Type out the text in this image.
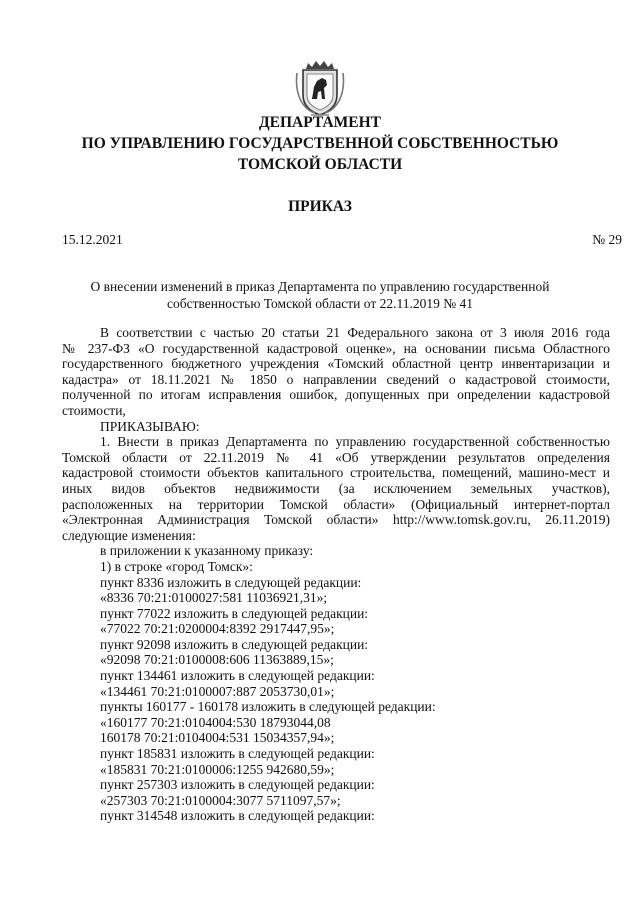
ДЕПАРТАМЕНТ
ПО УПРАВЛЕНИЮ ГОСУДАРСТВЕННОЙ СОБСТВЕННОСТЬЮ
ТОМСКОЙ ОБЛАСТИ
ПРИКАЗ
15.12.2021	№ 29
О внесении изменений в приказ Департамента по управлению государственной
собственностью Томской области от 22.11.2019 № 41
В соответствии с частью 20 статьи 21 Федерального закона от 3 июля 2016 года
№ 237-ФЗ «О государственной кадастровой оценке», на основании письма Областного
государственного бюджетного учреждения «Томский областной центр инвентаризации и
кадастра» от 18.11.2021 № 1850 о направлении сведений о кадастровой стоимости,
полученной по итогам исправления ошибок, допущенных при определении кадастровой
стоимости,
ПРИКАЗЫВАЮ:
1. Внести в приказ Департамента по управлению государственной собственностью
Томской области от 22.11.2019 № 41 «Об утверждении результатов определения
кадастровой стоимости объектов капитального строительства, помещений, машино-мест и
иных видов объектов недвижимости (за исключением земельных участков),
расположенных на территории Томской области» (Официальный интернет-портал
«Электронная Администрация Томской области» http://www.tomsk.gov.ru, 26.11.2019)
следующие изменения:
в приложении к указанному приказу:
1) в строке «город Томск»:
пункт 8336 изложить в следующей редакции:
«8336 70:21:0100027:581 11036921,31»;
пункт 77022 изложить в следующей редакции:
«77022 70:21:0200004:8392 2917447,95»;
пункт 92098 изложить в следующей редакции:
«92098 70:21:0100008:606 11363889,15»;
пункт 134461 изложить в следующей редакции:
«134461 70:21:0100007:887 2053730,01»;
пункты 160177 - 160178 изложить в следующей редакции:
«160177 70:21:0104004:530 18793044,08
160178 70:21:0104004:531 15034357,94»;
пункт 185831 изложить в следующей редакции:
«185831 70:21:0100006:1255 942680,59»;
пункт 257303 изложить в следующей редакции:
«257303 70:21:0100004:3077 5711097,57»;
пункт 314548 изложить в следующей редакции:
